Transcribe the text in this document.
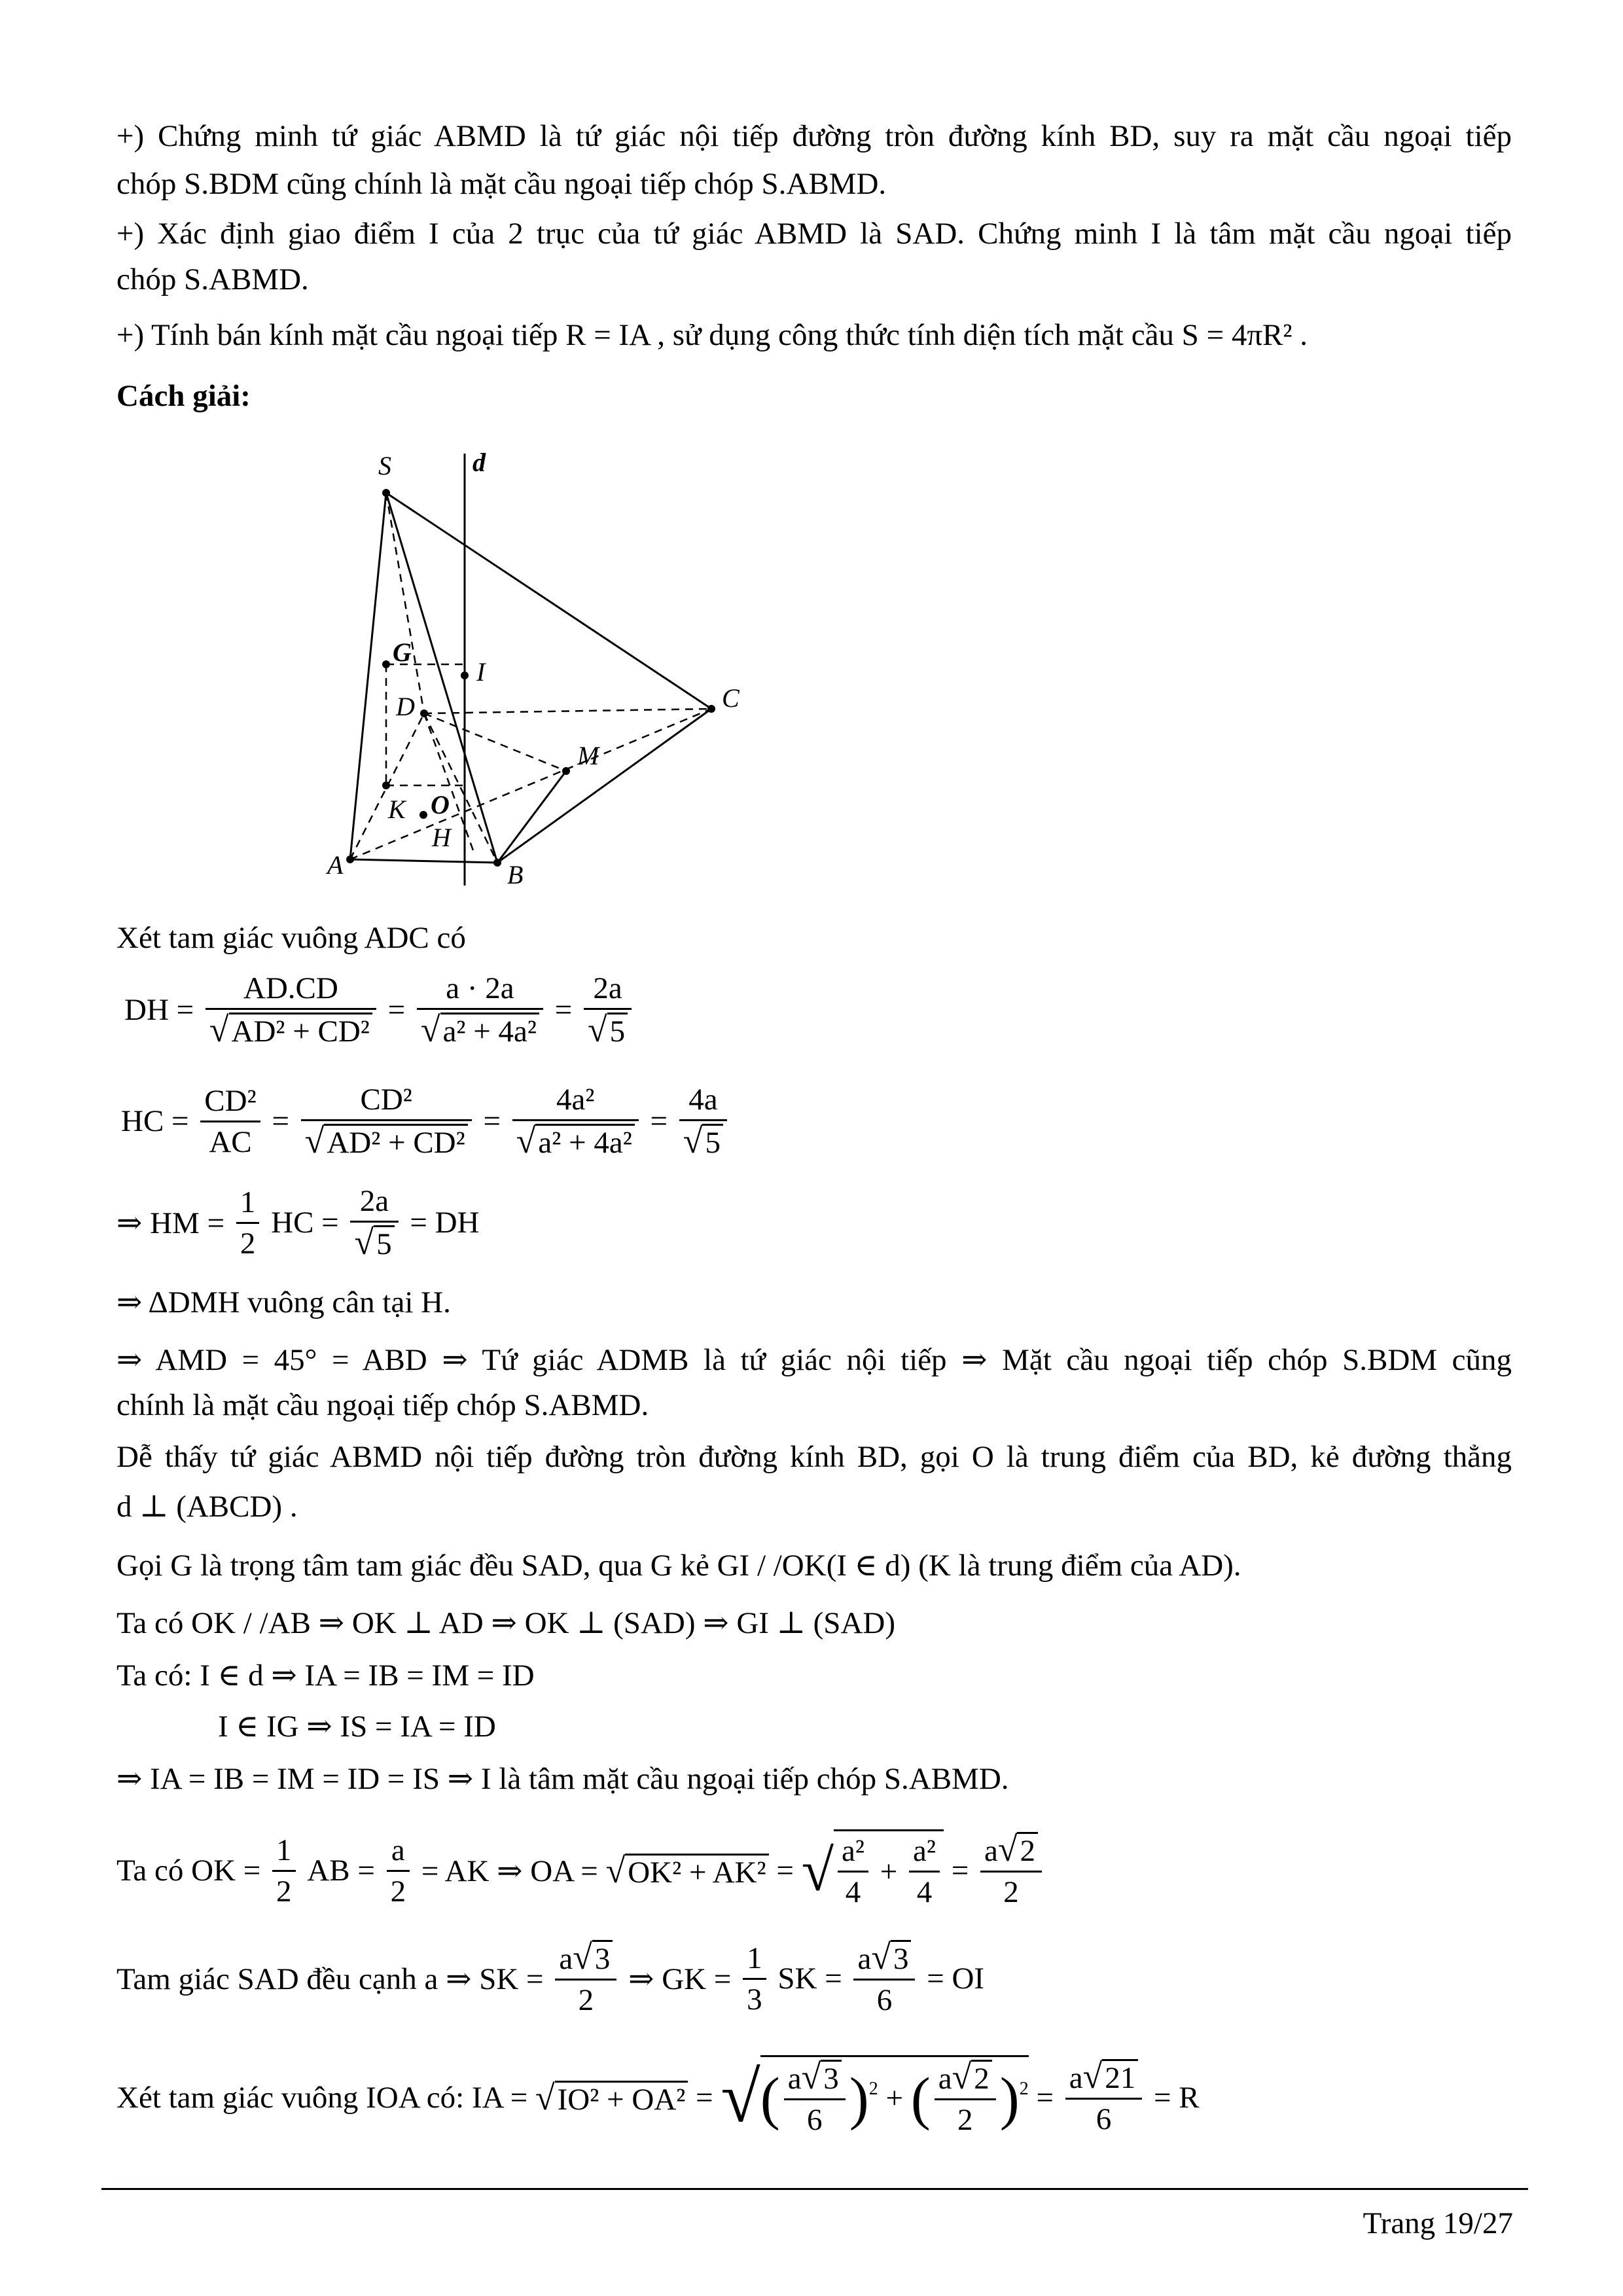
+) Chứng minh tứ giác ABMD là tứ giác nội tiếp đường tròn đường kính BD, suy ra mặt cầu ngoại tiếp
chóp S.BDM cũng chính là mặt cầu ngoại tiếp chóp S.ABMD.
+) Xác định giao điểm I của 2 trục của tứ giác ABMD là SAD. Chứng minh I là tâm mặt cầu ngoại tiếp
chóp S.ABMD.
+) Tính bán kính mặt cầu ngoại tiếp R = IA , sử dụng công thức tính diện tích mặt cầu S = 4πR² .
Cách giải:
S	d
G
I
C
D
M
K O
H
A	B
Xét tam giác vuông ADC có
DH = $\frac{AD.CD}{\text{√AD² + CD²}} = \frac{a \cdot 2a}{\text{√a² + 4a²}} = \frac{2a}{√5}$
HC = $\frac{\text{CD²}}{AC} = \frac{\text{CD²}}{\text{√AD² + CD²}} = \frac{\text{4a²}}{\text{√a² + 4a²}} = \frac{4a}{√5}$
⇒ HM = $\frac{1}{2}$ HC = $\frac{2a}{√5}$ = DH
⇒ ΔDMH vuông cân tại H.
⇒ AMD = 45° = ABD ⇒ Tứ giác ADMB là tứ giác nội tiếp ⇒ Mặt cầu ngoại tiếp chóp S.BDM cũng
chính là mặt cầu ngoại tiếp chóp S.ABMD.
Dễ thấy tứ giác ABMD nội tiếp đường tròn đường kính BD, gọi O là trung điểm của BD, kẻ đường thẳng
d ⊥ (ABCD) .
Gọi G là trọng tâm tam giác đều SAD, qua G kẻ GI / /OK(I ∈ d) (K là trung điểm của AD).
Ta có OK / /AB ⇒ OK ⊥ AD ⇒ OK ⊥ (SAD) ⇒ GI ⊥ (SAD)
Ta có: I ∈ d ⇒ IA = IB = IM = ID
I ∈ IG ⇒ IS = IA = ID
⇒ IA = IB = IM = ID = IS ⇒ I là tâm mặt cầu ngoại tiếp chóp S.ABMD.
Ta có OK = $\frac{1}{2}$ AB = $\frac{a}{2}$ = AK ⇒ OA = √OK² + AK² = √ $\frac{\text{a²}}{4} + \frac{\text{a²}}{4} = \frac{a√2}{2}$
Tam giác SAD đều cạnh a ⇒ SK = $\frac{a√3}{2}$ ⇒ GK = $\frac{1}{3}$ SK = $\frac{a√3}{6}$ = OI
Xét tam giác vuông IOA có: IA = √IO² + OA² = √( $\frac{a√3}{6} )^2$ + ( $\frac{a√2}{2} )^2 = \frac{a√21}{6} = R$
Trang 19/27
